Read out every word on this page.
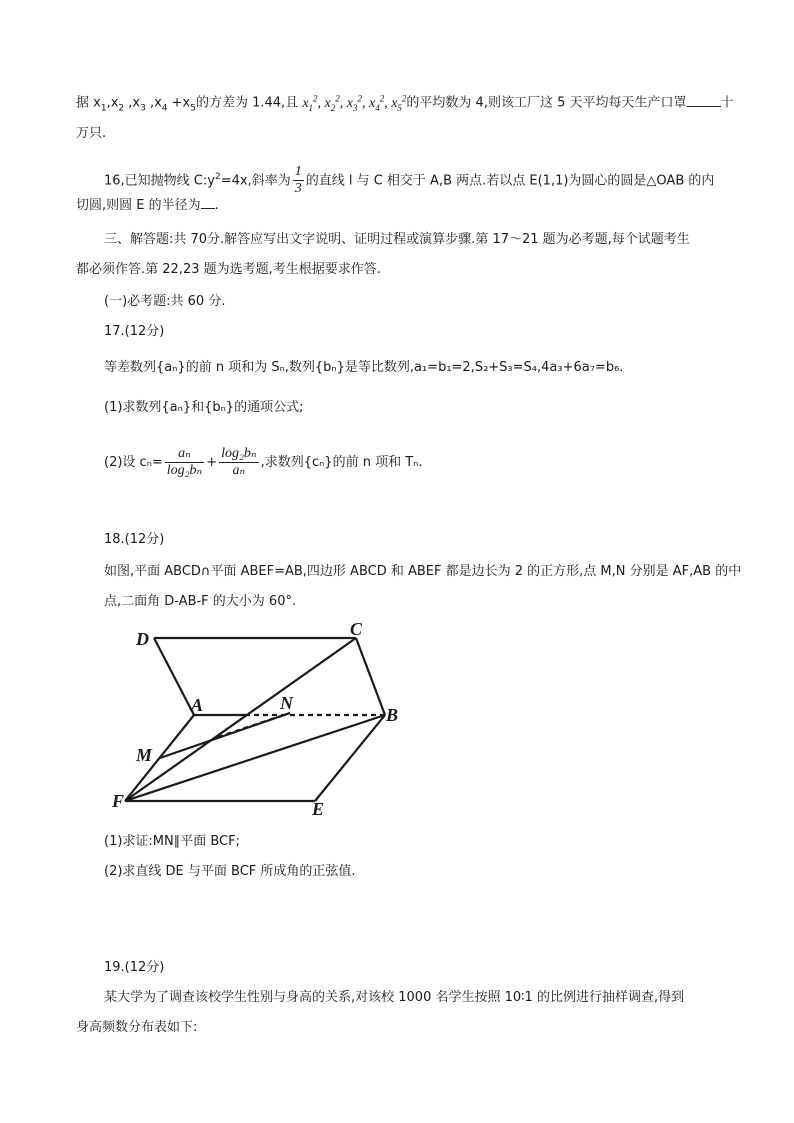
据 $x_1,x_2$ $,x_3$ $,x_4 +x_5$的方差为 1.44,且 $x_1^2$, $x_2^2$, $x_3^2$, $x_4^2$, $x_5^2$的平均数为 4,则该工厂这 5 天平均每天生产口罩	十
万只.
16,已知抛物线 $C:y^2=4x$,斜率为 $\frac{1}{3}$ 的直线 l 与 C 相交于 A,B 两点.若以点 E(1,1)为圆心的圆是△OAB 的内
切圆,则圆 E 的半径为 .
三、解答题:共 70分.解答应写出文字说明、证明过程或演算步骤.第 17～21 题为必考题,每个试题考生
都必须作答.第 22,23 题为选考题,考生根据要求作答.
(一)必考题:共 60 分.
17.(12分)
等差数列{aₙ}的前 n 项和为 Sₙ,数列{bₙ}是等比数列,a₁=b₁=2,S₂+S₃=S₄,4a₃+6a₇=b₆.
(1)求数列{aₙ}和{bₙ}的通项公式;
(2)设 $c_n= \frac{\text{aₙ}}{\text{log₂bₙ}} + \frac{\text{log₂bₙ}}{\text{aₙ}}$ ,求数列{cₙ}的前 n 项和 Tₙ.
18.(12分)
如图,平面 ABCD∩平面 ABEF=AB,四边形 ABCD 和 ABEF 都是边长为 2 的正方形,点 M,N 分别是 AF,AB 的中
点,二面角 D-AB-F 的大小为 60°.
D	C
A	N
B
M
F	E
(1)求证:MN∥平面 BCF;
(2)求直线 DE 与平面 BCF 所成角的正弦值.
19.(12分)
某大学为了调查该校学生性别与身高的关系,对该校 1000 名学生按照 10∶1 的比例进行抽样调查,得到
身高频数分布表如下:
